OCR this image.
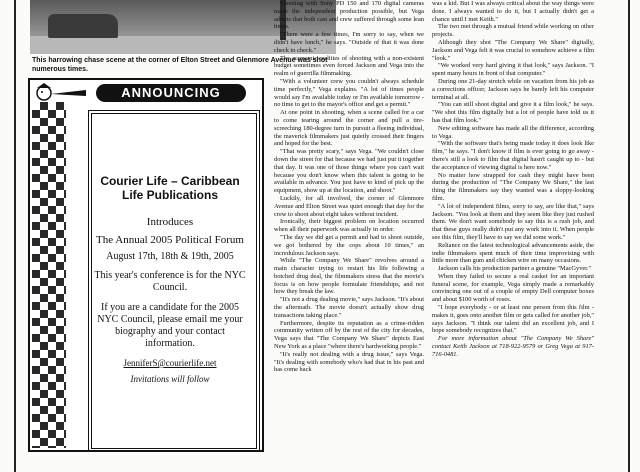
This harrowing chase scene at the corner of Elton Street and Glenmore Avenue was shot numerous times.
ANNOUNCING
Courier Life – Caribbean Life Publications
Introduces
The Annual 2005 Political Forum
August 17th, 18th & 19th, 2005
This year's conference is for the NYC Council.
If you are a candidate for the 2005 NYC Council, please email me your biography and your contact information.
JenniferS@courierlife.net
Invitations will follow

Shooting with Sony PD 150 and 170 digital cameras made the independent production possible, but Vega admits that both cast and crew suffered through some lean times.

"There were a few times, I'm sorry to say, when we didn't have lunch," he says. "Outside of that it was done check to check."

The economic realities of shooting with a non-existent budget sometimes even forced Jackson and Vega into the realm of guerrilla filmmaking.

"With a volunteer crew you couldn't always schedule time perfectly," Vega explains. "A lot of times people would say I'm available today or I'm available tomorrow - no time to get to the mayor's office and get a permit."

At one point in shooting, when a scene called for a car to come tearing around the corner and pull a tire-screeching 180-degree turn in pursuit a fleeing individual, the maverick filmmakers just quietly crossed their fingers and hoped for the best.

"That was pretty scary," says Vega. "We couldn't close down the street for that because we had just put it together that day. It was one of those things where you can't wait because you don't know when this talent is going to be available in advance. You just have to kind of pick up the equipment, show up at the location, and shoot."

Luckily, for all involved, the corner of Glenmore Avenue and Elton Street was quiet enough that day for the crew to shoot about eight takes without incident.

Ironically, their biggest problem on location occurred when all their paperwork was actually in order.

"The day we did get a permit and had to shoot outside, we got bothered by the cops about 10 times," an incredulous Jackson says.

While "The Company We Share" revolves around a main character trying to restart his life following a botched drug deal, the filmmakers stress that the movie's focus is on how people formulate friendships, and not how they break the law.

"It's not a drug dealing movie," says Jackson. "It's about the aftermath. The movie doesn't actually show drug transactions taking place."

Furthermore, despite its reputation as a crime-ridden community written off by the rest of the city for decades, Vega says that "The Company We Share" depicts East New York as a place "where there's hardworking people."

"It's really not dealing with a drug issue," says Vega. "It's dealing with somebody who's had that in his past and has come back

was a kid. But I was always critical about the way things were done. I always wanted to do it, but I actually didn't get a chance until I met Keith."

The two met through a mutual friend while working on other projects.

Although they shot "The Company We Share" digitally, Jackson and Vega felt it was crucial to somehow achieve a film "look."

"We worked very hard giving it that look," says Jackson. "I spent many hours in front of that computer."

During one 21-day stretch while on vacation from his job as a corrections officer, Jackson says he barely left his computer terminal at all.

"You can still shoot digital and give it a film look," he says. "We shot this film digitally but a lot of people have told us it has that film look."

New editing software has made all the difference, according to Vega.

"With the software that's being made today it does look like film," he says. "I don't know if film is ever going to go away - there's still a look to film that digital hasn't caught up to - but the acceptance of viewing digital is here now."

No matter how strapped for cash they might have been during the production of "The Company We Share," the last thing the filmmakers say they wanted was a sloppy-looking film.

"A lot of independent films, sorry to say, are like that," says Jackson. "You look at them and they seem like they just rushed them. We don't want somebody to say this is a rush job, and that these guys really didn't put any work into it. When people see this film, they'll have to say we did some work."

Reliance on the latest technological advancements aside, the indie filmmakers spent much of their time improvising with little more than gum and chicken wire on many occasions.

Jackson calls his production partner a genuine "MacGyver."

When they failed to secure a real casket for an important funeral scene, for example, Vega simply made a remarkably convincing one out of a couple of empty Dell computer boxes and about $100 worth of roses.

"I hope everybody - or at least one person from this film - makes it, goes onto another film or gets called for another job," says Jackson. "I think our talent did an excellent job, and I hope somebody recognizes that."

For more information about "The Company We Share" contact Keith Jackson at 718-922-9579 or Greg Vega at 917-716-0481.
